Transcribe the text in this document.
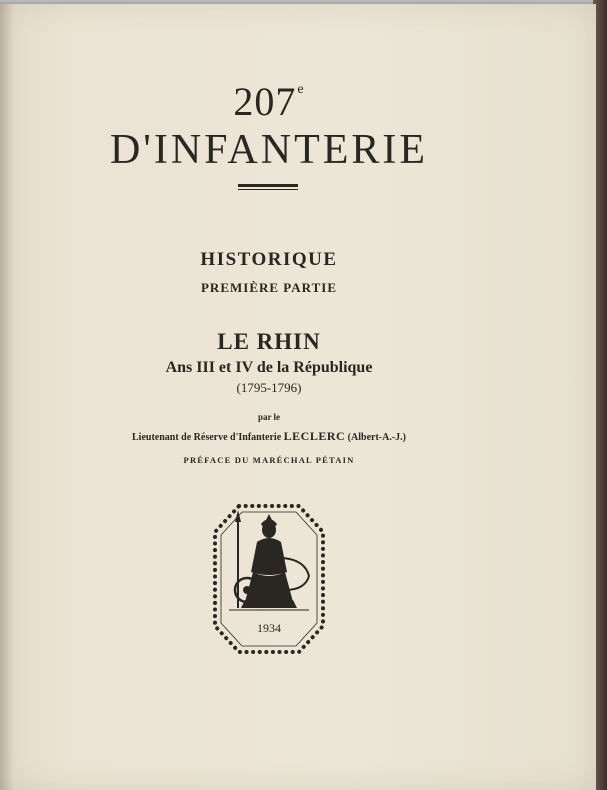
207e
D'INFANTERIE
HISTORIQUE
PREMIÈRE PARTIE
LE RHIN
Ans III et IV de la République
(1795-1796)
par le
Lieutenant de Réserve d'Infanterie LECLERC (Albert-A.-J.)
PRÉFACE DU MARÉCHAL PÉTAIN
1934
